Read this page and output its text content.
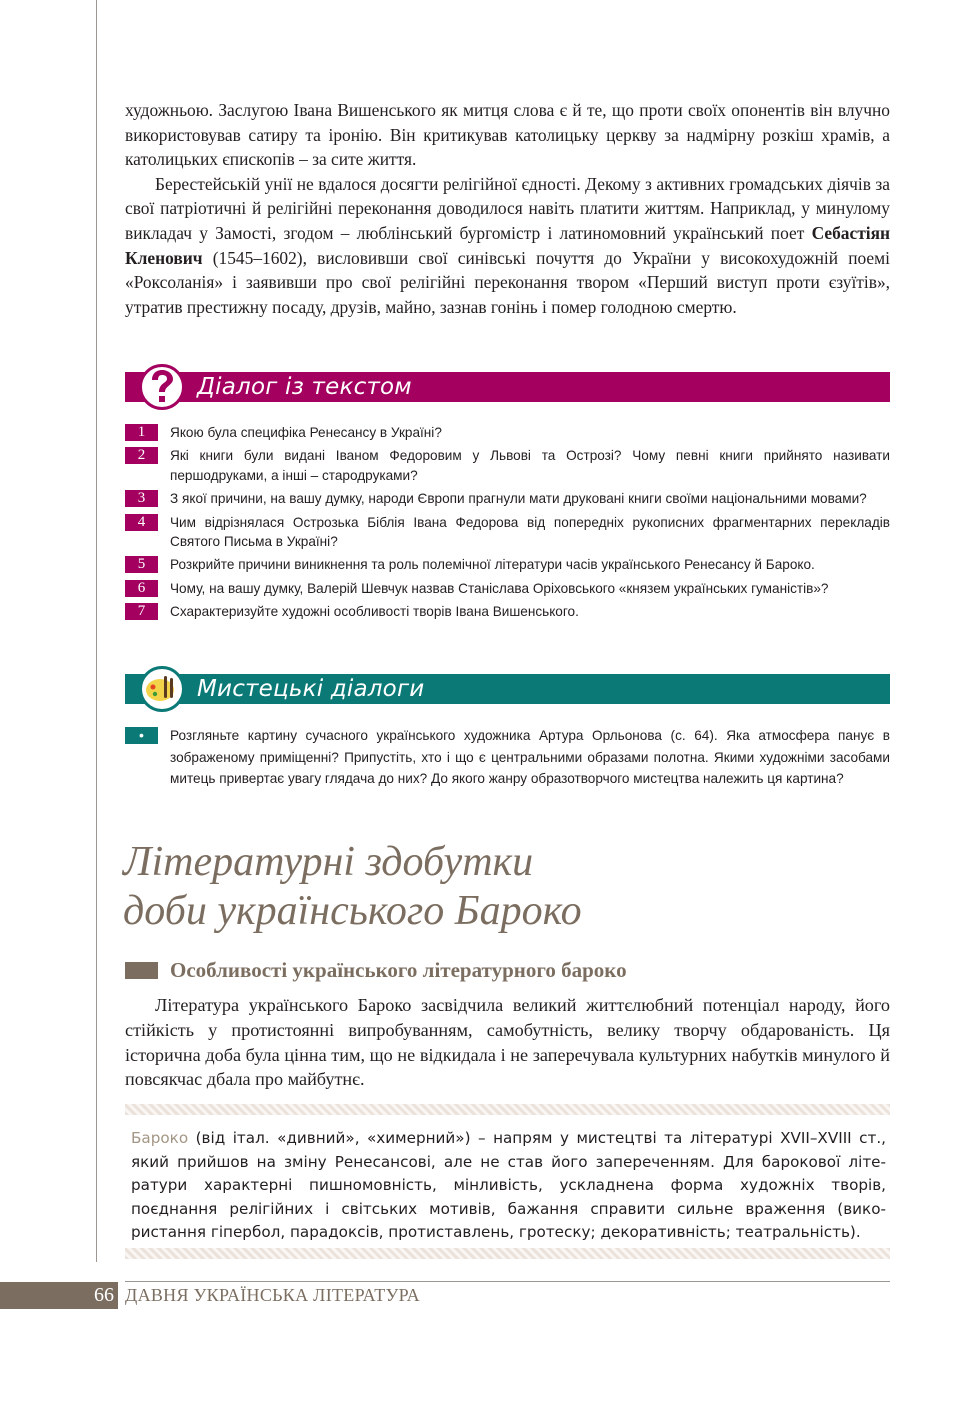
художньою. Заслугою Івана Вишенського як митця слова є й те, що проти своїх опонентів він влучно використовував сатиру та іронію. Він критикував католицьку церкву за надмірну розкіш храмів, а католицьких єпископів – за сите життя.

Берестейській унії не вдалося досягти релігійної єдності. Декому з активних громадських діячів за свої патріотичні й релігійні переконання доводилося навіть платити життям. Наприклад, у минулому викладач у Замості, згодом – люблінський бургомістр і латиномовний український поет Себастіян Кленович (1545–1602), висловивши свої синівські почуття до України у високохудожній поемі «Роксоланія» і заявивши про свої релігійні переконання твором «Перший виступ проти єзуїтів», утратив престижну посаду, друзів, майно, зазнав гонінь і помер голодною смертю.

Діалог із текстом
1	Якою була специфіка Ренесансу в Україні?
2	Які книги були видані Іваном Федоровим у Львові та Острозі? Чому певні книги прийнято називати першодруками, а інші – стародруками?
3	З якої причини, на вашу думку, народи Європи прагнули мати друковані книги своїми національними мовами?
4	Чим відрізнялася Острозька Біблія Івана Федорова від попередніх рукописних фрагментарних перекладів Святого Письма в Україні?
5	Розкрийте причини виникнення та роль полемічної літератури часів українського Ренесансу й Бароко.
6	Чому, на вашу думку, Валерій Шевчук назвав Станіслава Оріховського «князем українських гуманістів»?
7	Схарактеризуйте художні особливості творів Івана Вишенського.
Мистецькі діалоги
•	Розгляньте картину сучасного українського художника Артура Орльонова (с. 64). Яка атмосфера панує в зображеному приміщенні? Припустіть, хто і що є центральними образами полотна. Якими художніми засобами митець привертає увагу глядача до них? До якого жанру образотворчого мистецтва належить ця картина?
Літературні здобутки
доби українського Бароко
Особливості українського літературного бароко

Література українського Бароко засвідчила великий життєлюбний потенціал народу, його стійкість у протистоянні випробуванням, самобутність, велику творчу обдарованість. Ця історична доба була цінна тим, що не відкидала і не заперечувала культурних набутків минулого й повсякчас дбала про майбутнє.

Бароко (від італ. «дивний», «химерний») – напрям у мистецтві та літературі XVII–XVIII ст., який прийшов на зміну Ренесансові, але не став його запереченням. Для барокової літератури характерні пишномовність, мінливість, ускладнена форма художніх творів, поєднання релігійних і світських мотивів, бажання справити сильне враження (використання гіпербол, парадоксів, протиставлень, гротеску; декоративність; театральність).
66 ДАВНЯ УКРАЇНСЬКА ЛІТЕРАТУРА
